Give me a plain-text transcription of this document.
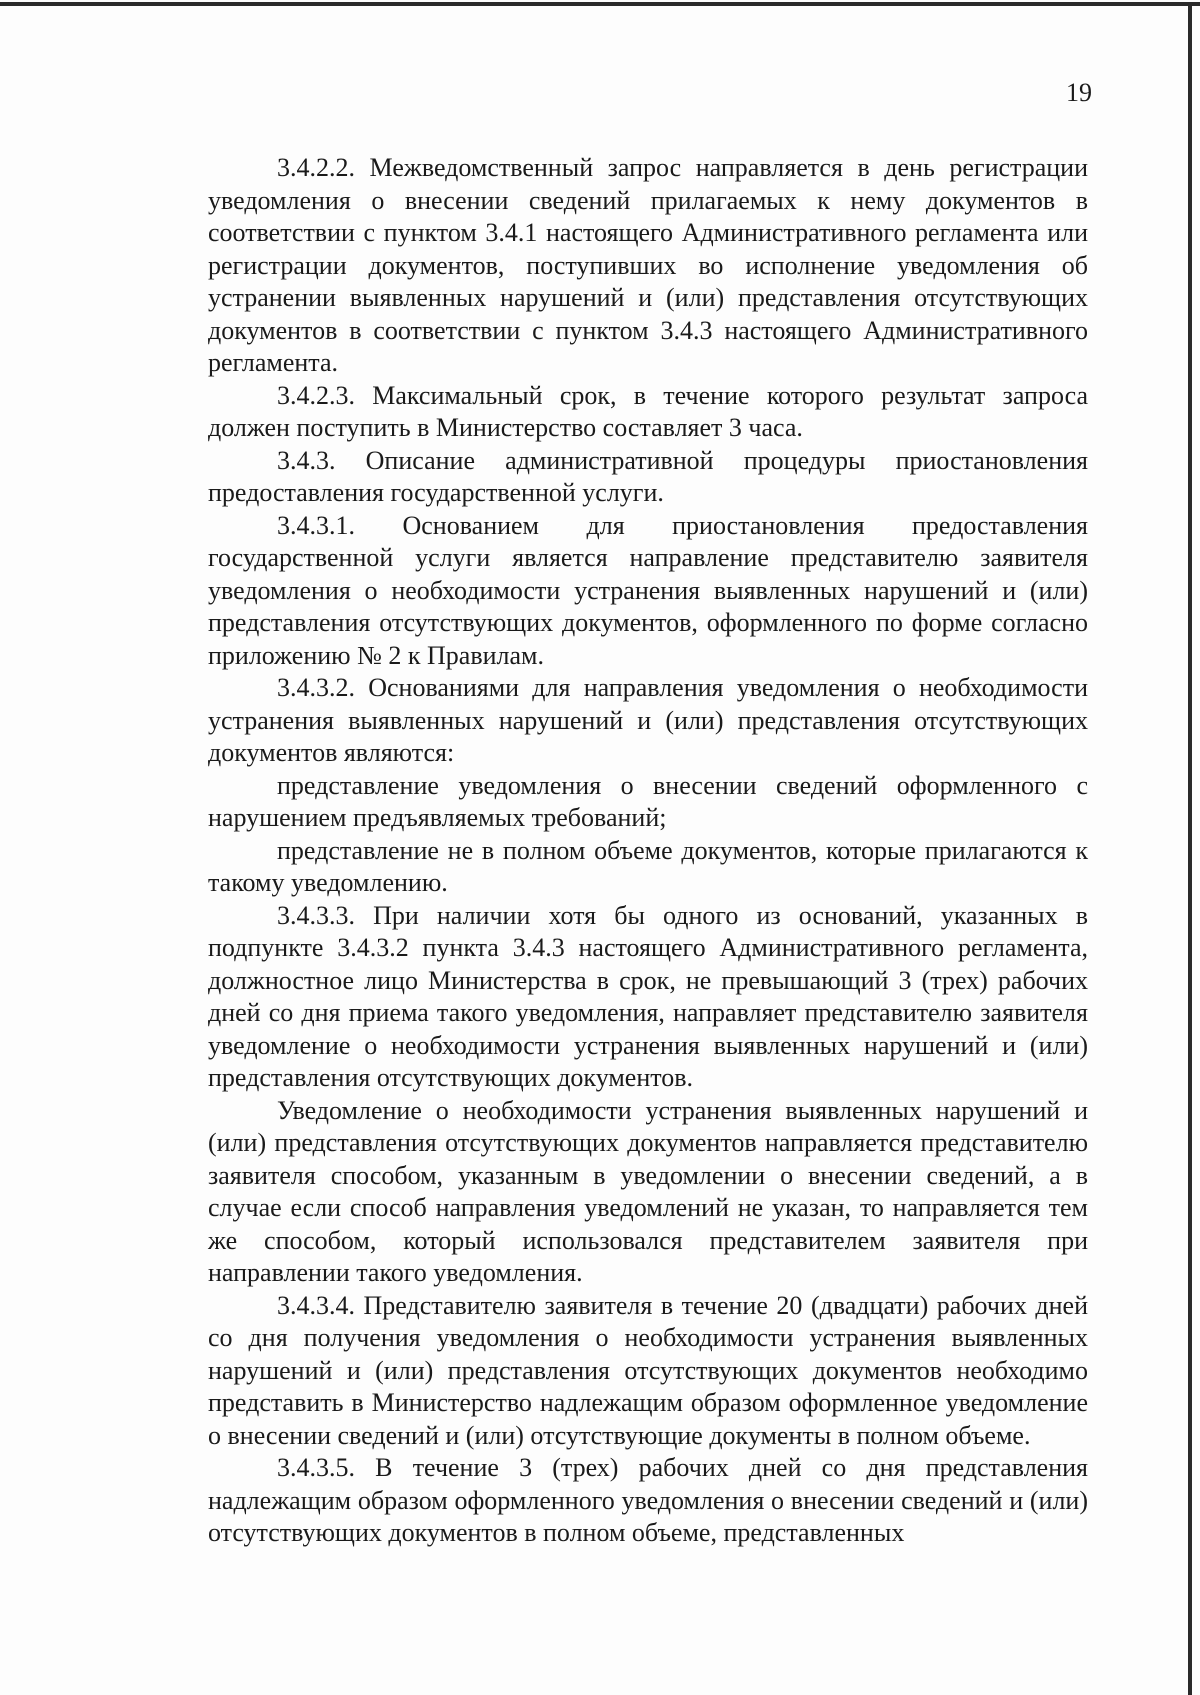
19

3.4.2.2. Межведомственный запрос направляется в день регистрации уведомления о внесении сведений прилагаемых к нему документов в соответствии с пунктом 3.4.1 настоящего Административного регламента или регистрации документов, поступивших во исполнение уведомления об устранении выявленных нарушений и (или) представления отсутствующих документов в соответствии с пунктом 3.4.3 настоящего Административного регламента.

3.4.2.3. Максимальный срок, в течение которого результат запроса должен поступить в Министерство составляет 3 часа.

3.4.3. Описание административной процедуры приостановления предоставления государственной услуги.

3.4.3.1. Основанием для приостановления предоставления государственной услуги является направление представителю заявителя уведомления о необходимости устранения выявленных нарушений и (или) представления отсутствующих документов, оформленного по форме согласно приложению № 2 к Правилам.

3.4.3.2. Основаниями для направления уведомления о необходимости устранения выявленных нарушений и (или) представления отсутствующих документов являются:

представление уведомления о внесении сведений оформленного с нарушением предъявляемых требований;

представление не в полном объеме документов, которые прилагаются к такому уведомлению.

3.4.3.3. При наличии хотя бы одного из оснований, указанных в подпункте 3.4.3.2 пункта 3.4.3 настоящего Административного регламента, должностное лицо Министерства в срок, не превышающий 3 (трех) рабочих дней со дня приема такого уведомления, направляет представителю заявителя уведомление о необходимости устранения выявленных нарушений и (или) представления отсутствующих документов.

Уведомление о необходимости устранения выявленных нарушений и (или) представления отсутствующих документов направляется представителю заявителя способом, указанным в уведомлении о внесении сведений, а в случае если способ направления уведомлений не указан, то направляется тем же способом, который использовался представителем заявителя при направлении такого уведомления.

3.4.3.4. Представителю заявителя в течение 20 (двадцати) рабочих дней со дня получения уведомления о необходимости устранения выявленных нарушений и (или) представления отсутствующих документов необходимо представить в Министерство надлежащим образом оформленное уведомление о внесении сведений и (или) отсутствующие документы в полном объеме.

3.4.3.5. В течение 3 (трех) рабочих дней со дня представления надлежащим образом оформленного уведомления о внесении сведений и (или) отсутствующих документов в полном объеме, представленных
